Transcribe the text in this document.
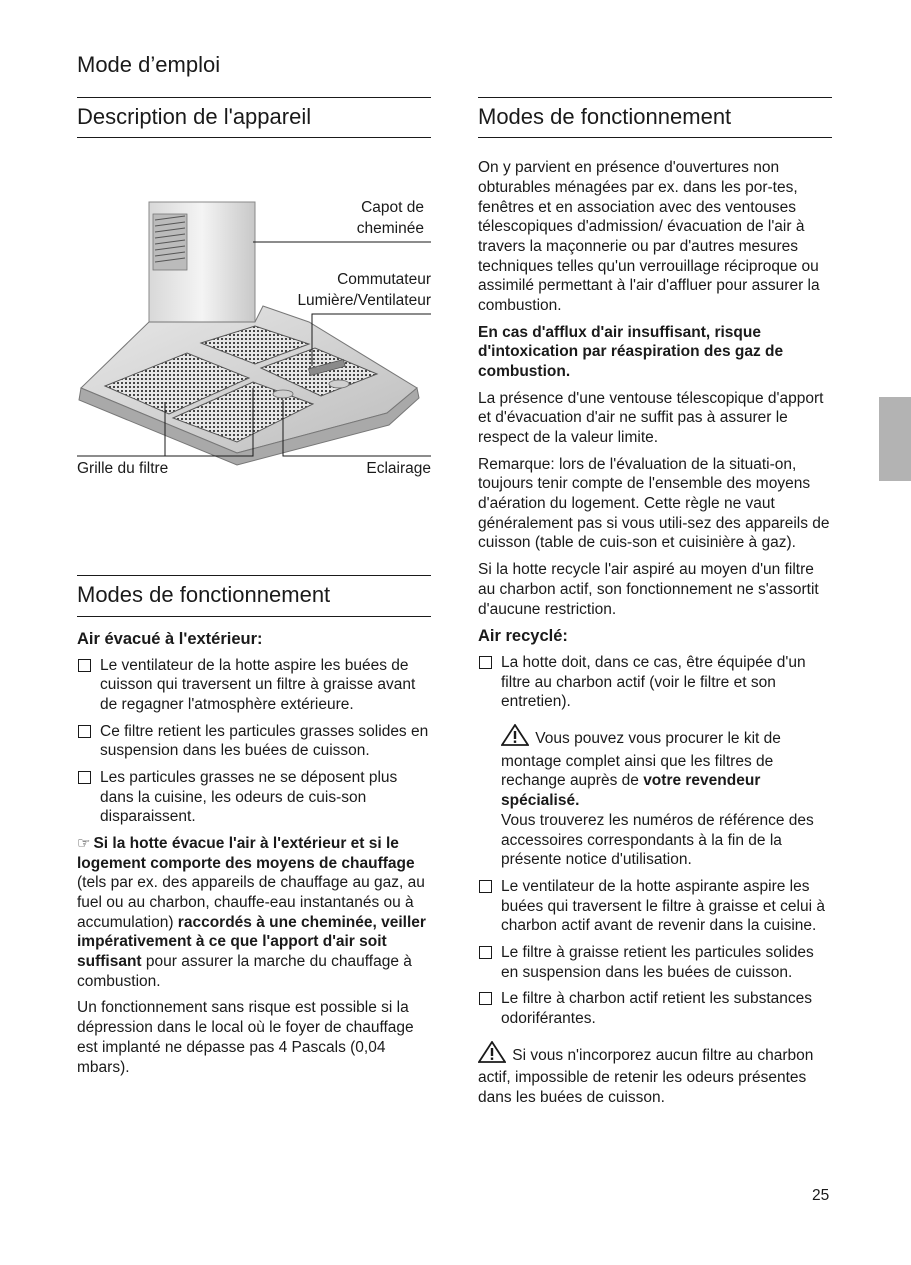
Mode d’emploi
Description de l'appareil
Capot de
cheminée
Commutateur
Lumière/Ventilateur
Grille du filtre	Eclairage
Modes de fonctionnement
Air évacué à l'extérieur:
Le ventilateur de la hotte aspire les buées de cuisson qui traversent un filtre à graisse avant de regagner l'atmosphère extérieure.
Ce filtre retient les particules grasses solides en suspension dans les buées de cuisson.
Les particules grasses ne se déposent plus dans la cuisine, les odeurs de cuis-son disparaissent.

☞ Si la hotte évacue l'air à l'extérieur et si le logement comporte des moyens de chauffage (tels par ex. des appareils de chauffage au gaz, au fuel ou au charbon, chauffe-eau instantanés ou à accumulation) raccordés à une cheminée, veiller impérativement à ce que l'apport d'air soit suffisant pour assurer la marche du chauffage à combustion.

Un fonctionnement sans risque est possible si la dépression dans le local où le foyer de chauffage est implanté ne dépasse pas 4 Pascals (0,04 mbars).

Modes de fonctionnement

On y parvient en présence d'ouvertures non obturables ménagées par ex. dans les por-tes, fenêtres et en association avec des ventouses télescopiques d'admission/ évacuation de l'air à travers la maçonnerie ou par d'autres mesures techniques telles qu'un verrouillage réciproque ou assimilé permettant à l'air d'affluer pour assurer la combustion.

En cas d'afflux d'air insuffisant, risque d'intoxication par réaspiration des gaz de combustion.

La présence d'une ventouse télescopique d'apport et d'évacuation d'air ne suffit pas à assurer le respect de la valeur limite.

Remarque: lors de l'évaluation de la situati-on, toujours tenir compte de l'ensemble des moyens d'aération du logement. Cette règle ne vaut généralement pas si vous utili-sez des appareils de cuisson (table de cuis-son et cuisinière à gaz).

Si la hotte recycle l'air aspiré au moyen d'un filtre au charbon actif, son fonctionnement ne s'assortit d'aucune restriction.

Air recyclé:
La hotte doit, dans ce cas, être équipée d'un filtre au charbon actif (voir le filtre et son entretien).
Vous pouvez vous procurer le kit de montage complet ainsi que les filtres de rechange auprès de votre revendeur spécialisé.
Vous trouverez les numéros de référence des accessoires correspondants à la fin de la présente notice d'utilisation.
Le ventilateur de la hotte aspirante aspire les buées qui traversent le filtre à graisse et celui à charbon actif avant de revenir dans la cuisine.
Le filtre à graisse retient les particules solides en suspension dans les buées de cuisson.
Le filtre à charbon actif retient les substances odoriférantes.

Si vous n'incorporez aucun filtre au charbon actif, impossible de retenir les odeurs présentes dans les buées de cuisson.

25
